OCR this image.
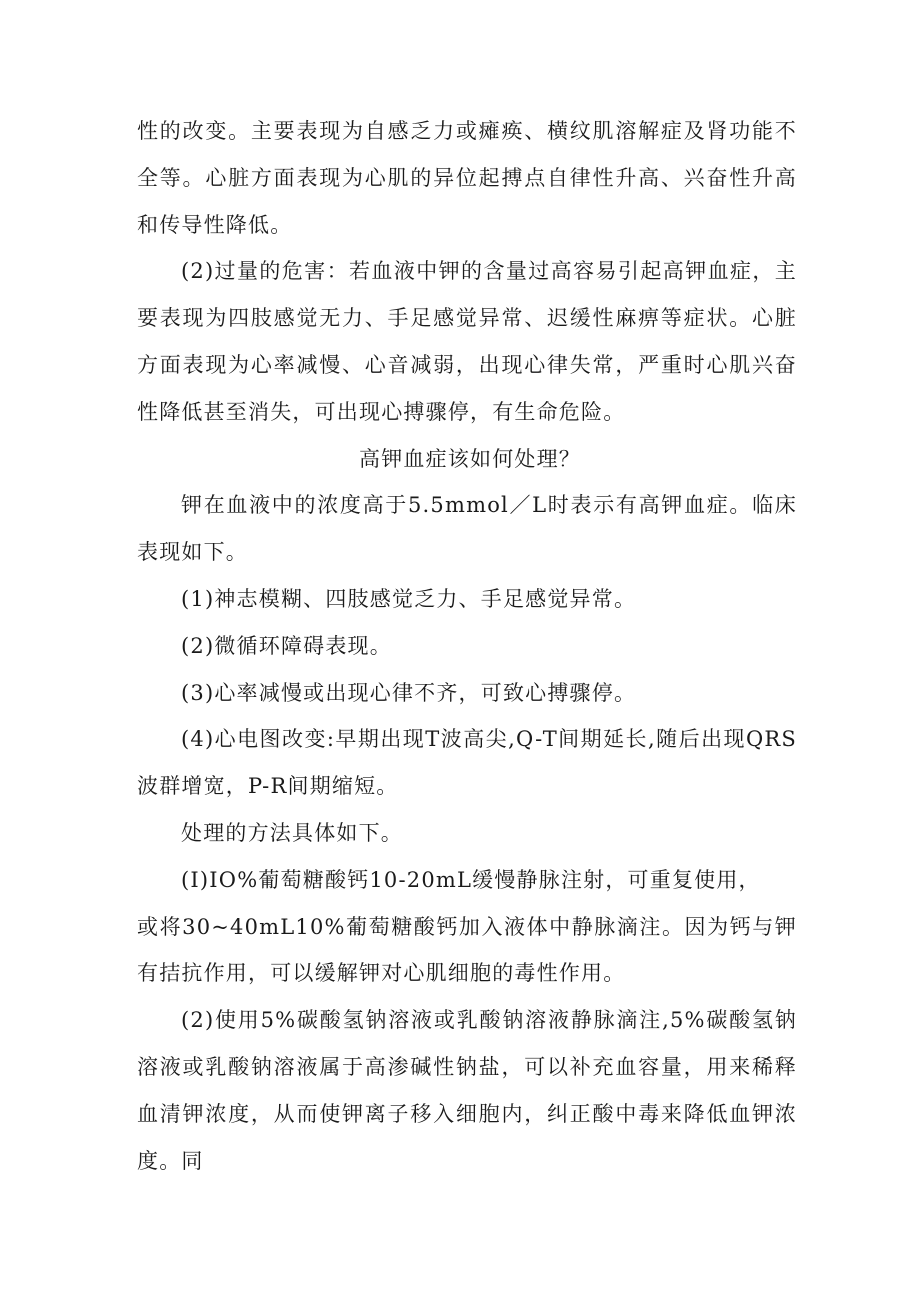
性的改变。主要表现为自感乏力或瘫痪、横纹肌溶解症及肾功能不全等。心脏方面表现为心肌的异位起搏点自律性升高、兴奋性升高和传导性降低。

(2)过量的危害：若血液中钾的含量过高容易引起高钾血症，主要表现为四肢感觉无力、手足感觉异常、迟缓性麻痹等症状。心脏方面表现为心率减慢、心音减弱，出现心律失常，严重时心肌兴奋性降低甚至消失，可出现心搏骤停，有生命危险。

高钾血症该如何处理？

钾在血液中的浓度高于5.5mmol／L时表示有高钾血症。临床表现如下。

(1)神志模糊、四肢感觉乏力、手足感觉异常。

(2)微循环障碍表现。

(3)心率减慢或出现心律不齐，可致心搏骤停。

(4)心电图改变:早期出现T波高尖,Q-T间期延长,随后出现QRS波群增宽，P-R间期缩短。

处理的方法具体如下。

(I)IO%葡萄糖酸钙10-20mL缓慢静脉注射，可重复使用，

或将30~40mL10%葡萄糖酸钙加入液体中静脉滴注。因为钙与钾有拮抗作用，可以缓解钾对心肌细胞的毒性作用。

(2)使用5%碳酸氢钠溶液或乳酸钠溶液静脉滴注,5%碳酸氢钠溶液或乳酸钠溶液属于高渗碱性钠盐，可以补充血容量，用来稀释血清钾浓度，从而使钾离子移入细胞内，纠正酸中毒来降低血钾浓度。同
